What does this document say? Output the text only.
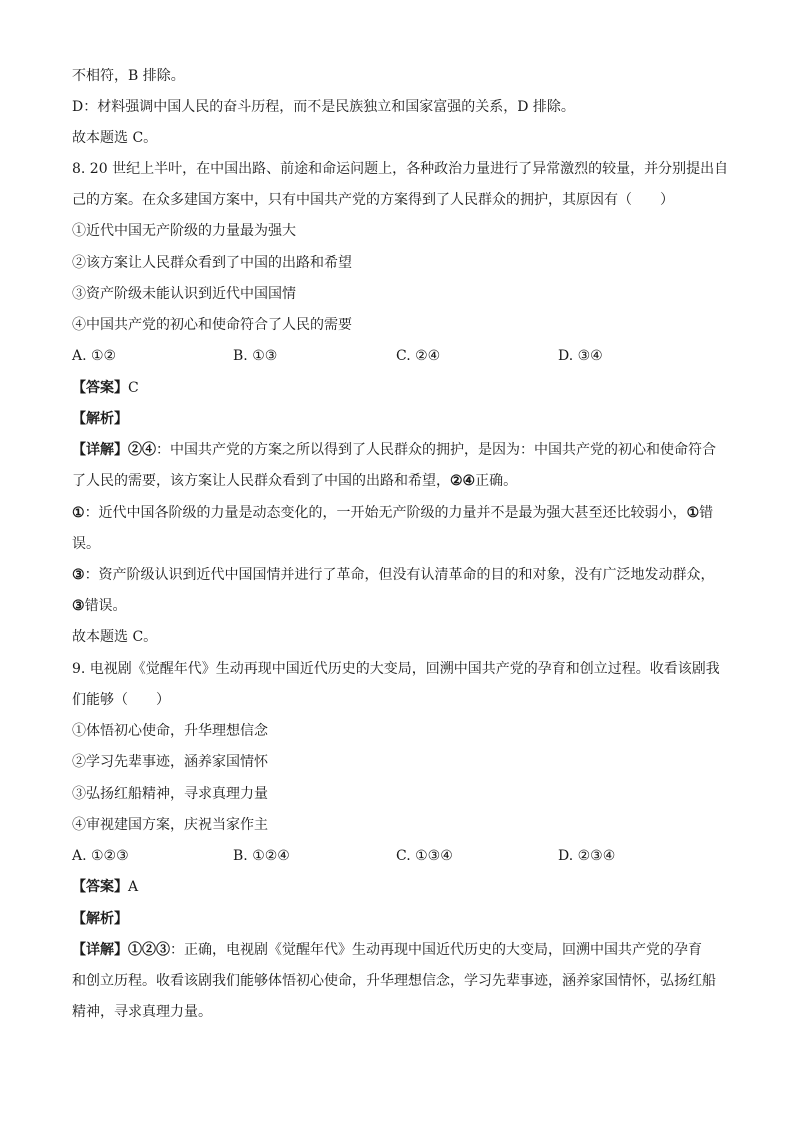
不相符，B 排除。
D：材料强调中国人民的奋斗历程，而不是民族独立和国家富强的关系，D 排除。
故本题选 C。
8. 20 世纪上半叶，在中国出路、前途和命运问题上，各种政治力量进行了异常激烈的较量，并分别提出自
己的方案。在众多建国方案中，只有中国共产党的方案得到了人民群众的拥护，其原因有（　　）
①近代中国无产阶级的力量最为强大
②该方案让人民群众看到了中国的出路和希望
③资产阶级未能认识到近代中国国情
④中国共产党的初心和使命符合了人民的需要
A. ①②	B. ①③	C. ②④	D. ③④
【答案】C
【解析】
【详解】②④：中国共产党的方案之所以得到了人民群众的拥护，是因为：中国共产党的初心和使命符合
了人民的需要，该方案让人民群众看到了中国的出路和希望，②④正确。
①：近代中国各阶级的力量是动态变化的，一开始无产阶级的力量并不是最为强大甚至还比较弱小，①错
误。
③：资产阶级认识到近代中国国情并进行了革命，但没有认清革命的目的和对象，没有广泛地发动群众，
③错误。
故本题选 C。
9. 电视剧《觉醒年代》生动再现中国近代历史的大变局，回溯中国共产党的孕育和创立过程。收看该剧我
们能够（　　）
①体悟初心使命，升华理想信念
②学习先辈事迹，涵养家国情怀
③弘扬红船精神，寻求真理力量
④审视建国方案，庆祝当家作主
A. ①②③	B. ①②④	C. ①③④	D. ②③④
【答案】A
【解析】
【详解】①②③：正确，电视剧《觉醒年代》生动再现中国近代历史的大变局，回溯中国共产党的孕育
和创立历程。收看该剧我们能够体悟初心使命，升华理想信念，学习先辈事迹，涵养家国情怀，弘扬红船
精神，寻求真理力量。
